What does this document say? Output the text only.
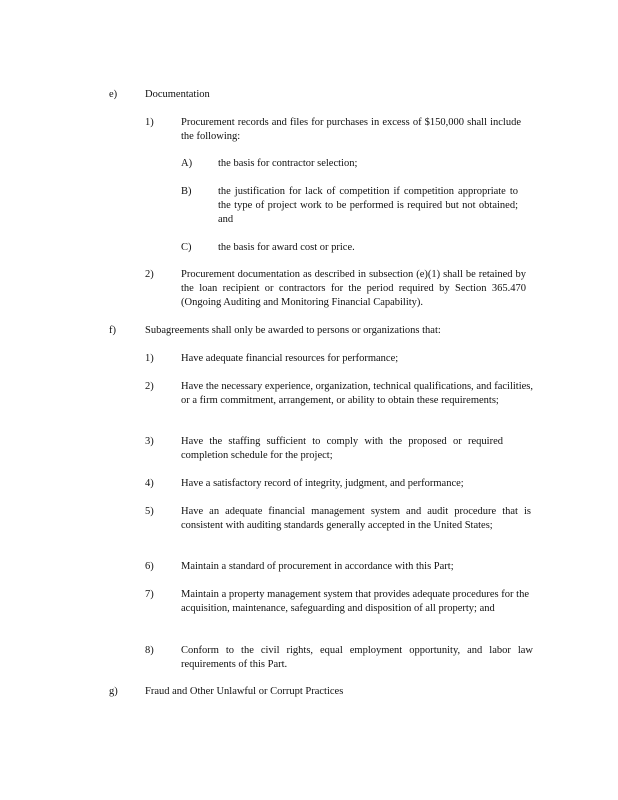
e)	Documentation
1)	Procurement records and files for purchases in excess of $150,000 shall include the following:
A) the basis for contractor selection;
B)	the justification for lack of competition if competition appropriate to the type of project work to be performed is required but not obtained; and
C)	the basis for award cost or price.
2)	Procurement documentation as described in subsection (e)(1) shall be retained by the loan recipient or contractors for the period required by Section 365.470 (Ongoing Auditing and Monitoring Financial Capability).
f)	Subagreements shall only be awarded to persons or organizations that:
1)	Have adequate financial resources for performance;
2)	Have the necessary experience, organization, technical qualifications, and facilities, or a firm commitment, arrangement, or ability to obtain these requirements;
3)	Have the staffing sufficient to comply with the proposed or required completion schedule for the project;
4)	Have a satisfactory record of integrity, judgment, and performance;
5)	Have an adequate financial management system and audit procedure that is consistent with auditing standards generally accepted in the United States;
6)	Maintain a standard of procurement in accordance with this Part;
7)	Maintain a property management system that provides adequate procedures for the acquisition, maintenance, safeguarding and disposition of all property; and
8)	Conform to the civil rights, equal employment opportunity, and labor law requirements of this Part.
g)	Fraud and Other Unlawful or Corrupt Practices
